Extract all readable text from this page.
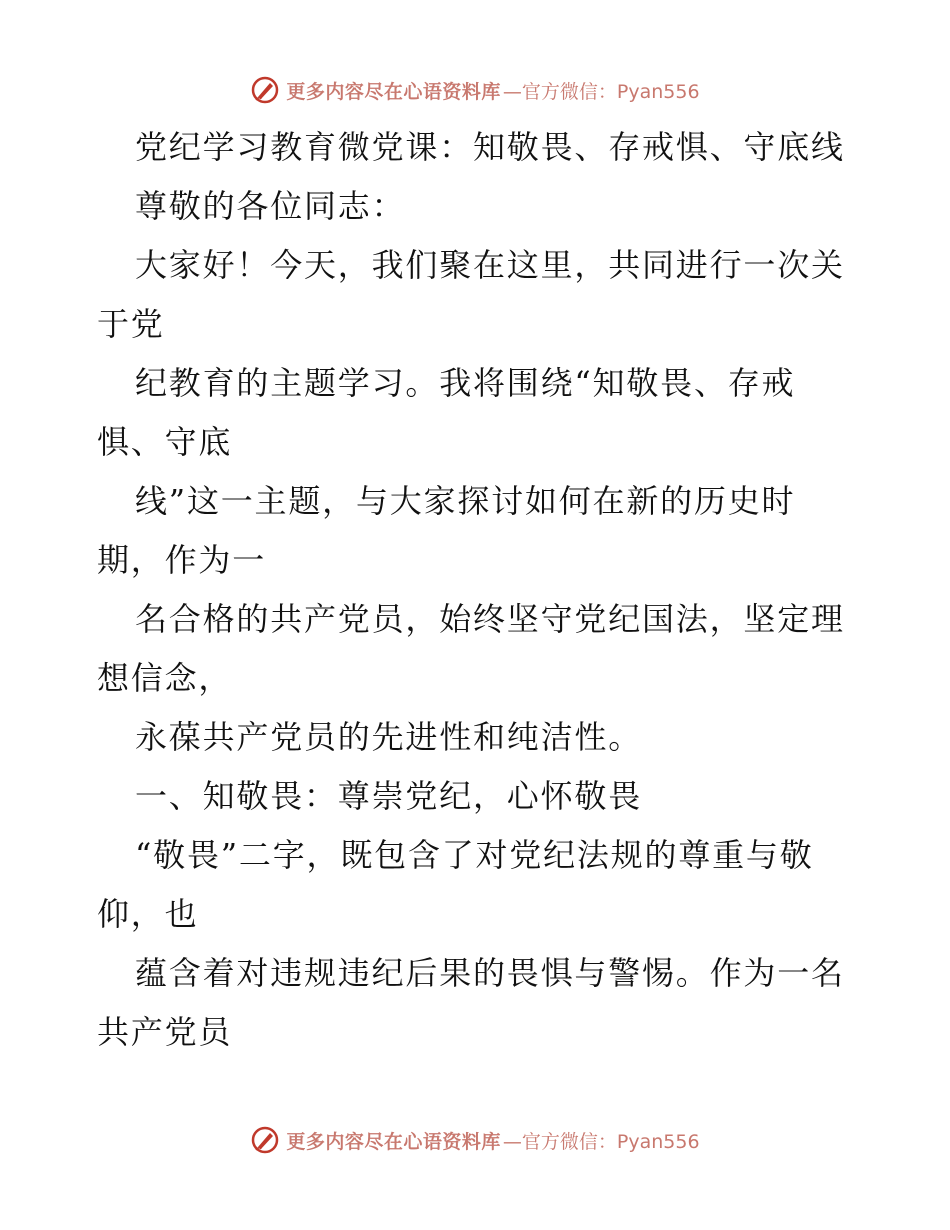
更多内容尽在心语资料库 —官方微信：Pyan556
党纪学习教育微党课：知敬畏、存戒惧、守底线
尊敬的各位同志：
大家好！今天，我们聚在这里，共同进行一次关
于党
纪教育的主题学习。我将围绕“知敬畏、存戒
惧、守底
线”这一主题，与大家探讨如何在新的历史时
期，作为一
名合格的共产党员，始终坚守党纪国法，坚定理
想信念，
永葆共产党员的先进性和纯洁性。
一、知敬畏：尊崇党纪，心怀敬畏
“敬畏”二字，既包含了对党纪法规的尊重与敬
仰，也
蕴含着对违规违纪后果的畏惧与警惕。作为一名
共产党员
更多内容尽在心语资料库 —官方微信：Pyan556
